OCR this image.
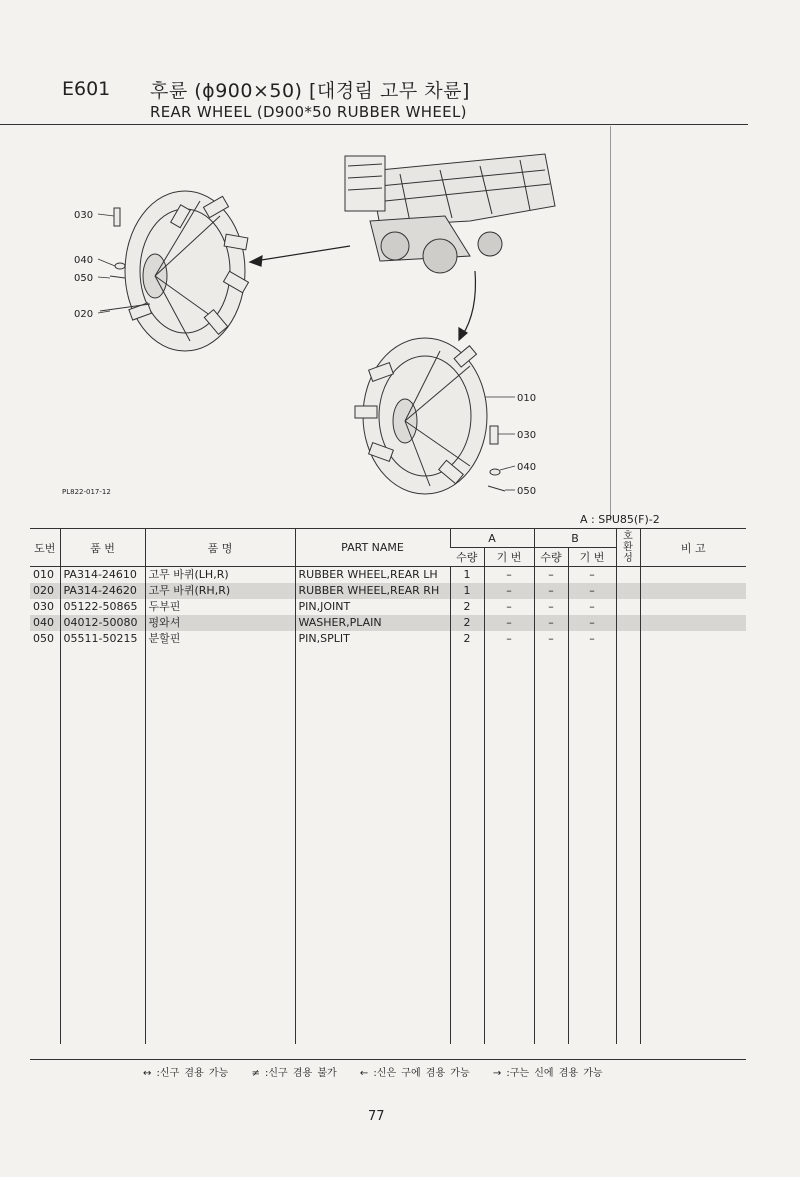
E601 후륜 (ϕ900×50) [대경림 고무 차륜]
REAR WHEEL (D900*50 RUBBER WHEEL)
030
040
050
020
010
030
040
050
PL822-017-12
A : SPU85(F)-2
도번	품 번	품 명	PART NAME	A		B		호환성	비 고
				수량	기 번	수량	기 번		
010	PA314-24610	고무 바퀴(LH,R)	RUBBER WHEEL,REAR LH	1	–	–	–		
020	PA314-24620	고무 바퀴(RH,R)	RUBBER WHEEL,REAR RH	1	–	–	–		
030	05122-50865	두부핀	PIN,JOINT	2	–	–	–		
040	04012-50080	평와셔	WASHER,PLAIN	2	–	–	–		
050	05511-50215	분할핀	PIN,SPLIT	2	–	–	–		

↔ :신구 겸용 가능 ≠ :신구 겸용 불가 ← :신은 구에 겸용 가능 → :구는 신에 겸용 가능
77
